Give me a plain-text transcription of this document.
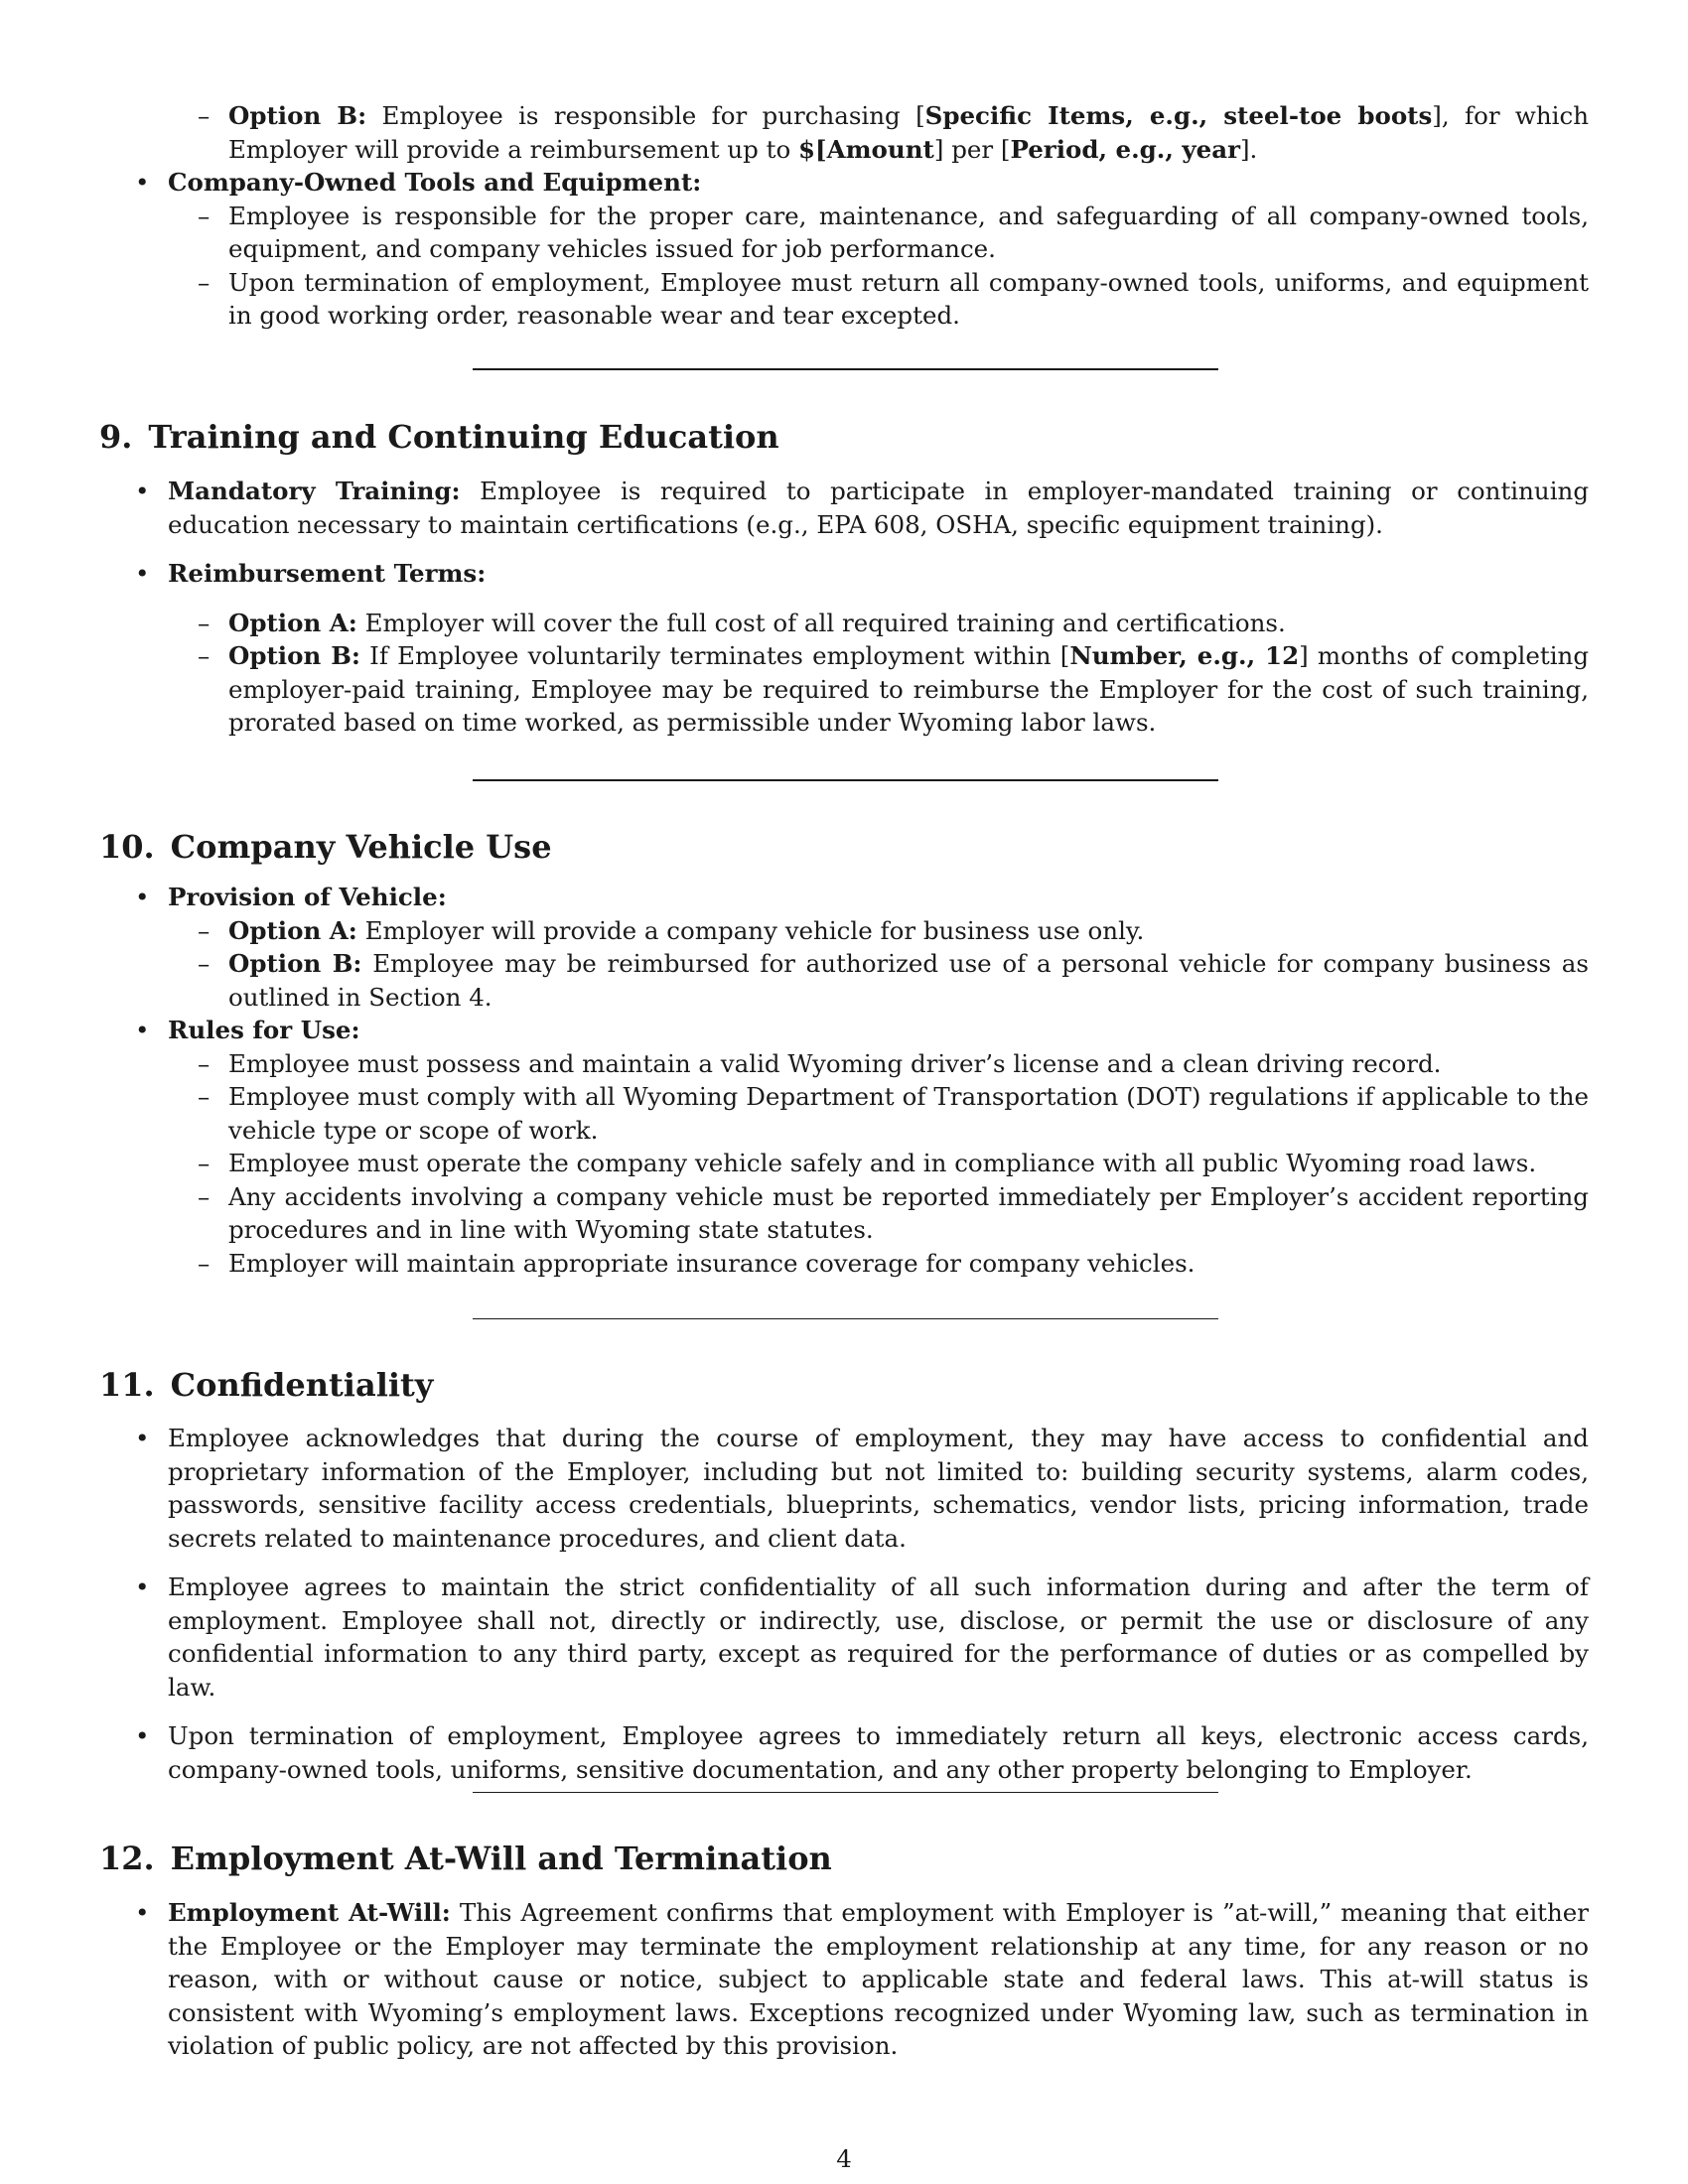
– Option B: Employee is responsible for purchasing [Specific Items, e.g., steel-toe boots], for which Employer will provide a reimbursement up to $[Amount] per [Period, e.g., year].
• Company-Owned Tools and Equipment:
– Employee is responsible for the proper care, maintenance, and safeguarding of all company-owned tools, equipment, and company vehicles issued for job performance.
– Upon termination of employment, Employee must return all company-owned tools, uniforms, and equipment in good working order, reasonable wear and tear excepted.
9. Training and Continuing Education
• Mandatory Training: Employee is required to participate in employer-mandated training or continuing education necessary to maintain certifications (e.g., EPA 608, OSHA, specific equipment training).
• Reimbursement Terms:
– Option A: Employer will cover the full cost of all required training and certifications.
– Option B: If Employee voluntarily terminates employment within [Number, e.g., 12] months of completing employer-paid training, Employee may be required to reimburse the Employer for the cost of such training, prorated based on time worked, as permissible under Wyoming labor laws.
10. Company Vehicle Use
• Provision of Vehicle:
– Option A: Employer will provide a company vehicle for business use only.
– Option B: Employee may be reimbursed for authorized use of a personal vehicle for company business as outlined in Section 4.
• Rules for Use:
– Employee must possess and maintain a valid Wyoming driver’s license and a clean driving record.
– Employee must comply with all Wyoming Department of Transportation (DOT) regulations if applicable to the vehicle type or scope of work.
– Employee must operate the company vehicle safely and in compliance with all public Wyoming road laws.
– Any accidents involving a company vehicle must be reported immediately per Employer’s accident reporting procedures and in line with Wyoming state statutes.
– Employer will maintain appropriate insurance coverage for company vehicles.
11. Confidentiality
• Employee acknowledges that during the course of employment, they may have access to confidential and proprietary information of the Employer, including but not limited to: building security systems, alarm codes, passwords, sensitive facility access credentials, blueprints, schematics, vendor lists, pricing information, trade secrets related to maintenance procedures, and client data.
• Employee agrees to maintain the strict confidentiality of all such information during and after the term of employment. Employee shall not, directly or indirectly, use, disclose, or permit the use or disclosure of any confidential information to any third party, except as required for the performance of duties or as compelled by law.
• Upon termination of employment, Employee agrees to immediately return all keys, electronic access cards, company-owned tools, uniforms, sensitive documentation, and any other property belonging to Employer.
12. Employment At-Will and Termination
• Employment At-Will: This Agreement confirms that employment with Employer is ”at-will,” meaning that either the Employee or the Employer may terminate the employment relationship at any time, for any reason or no reason, with or without cause or notice, subject to applicable state and federal laws. This at-will status is consistent with Wyoming’s employment laws. Exceptions recognized under Wyoming law, such as termination in violation of public policy, are not affected by this provision.
4
